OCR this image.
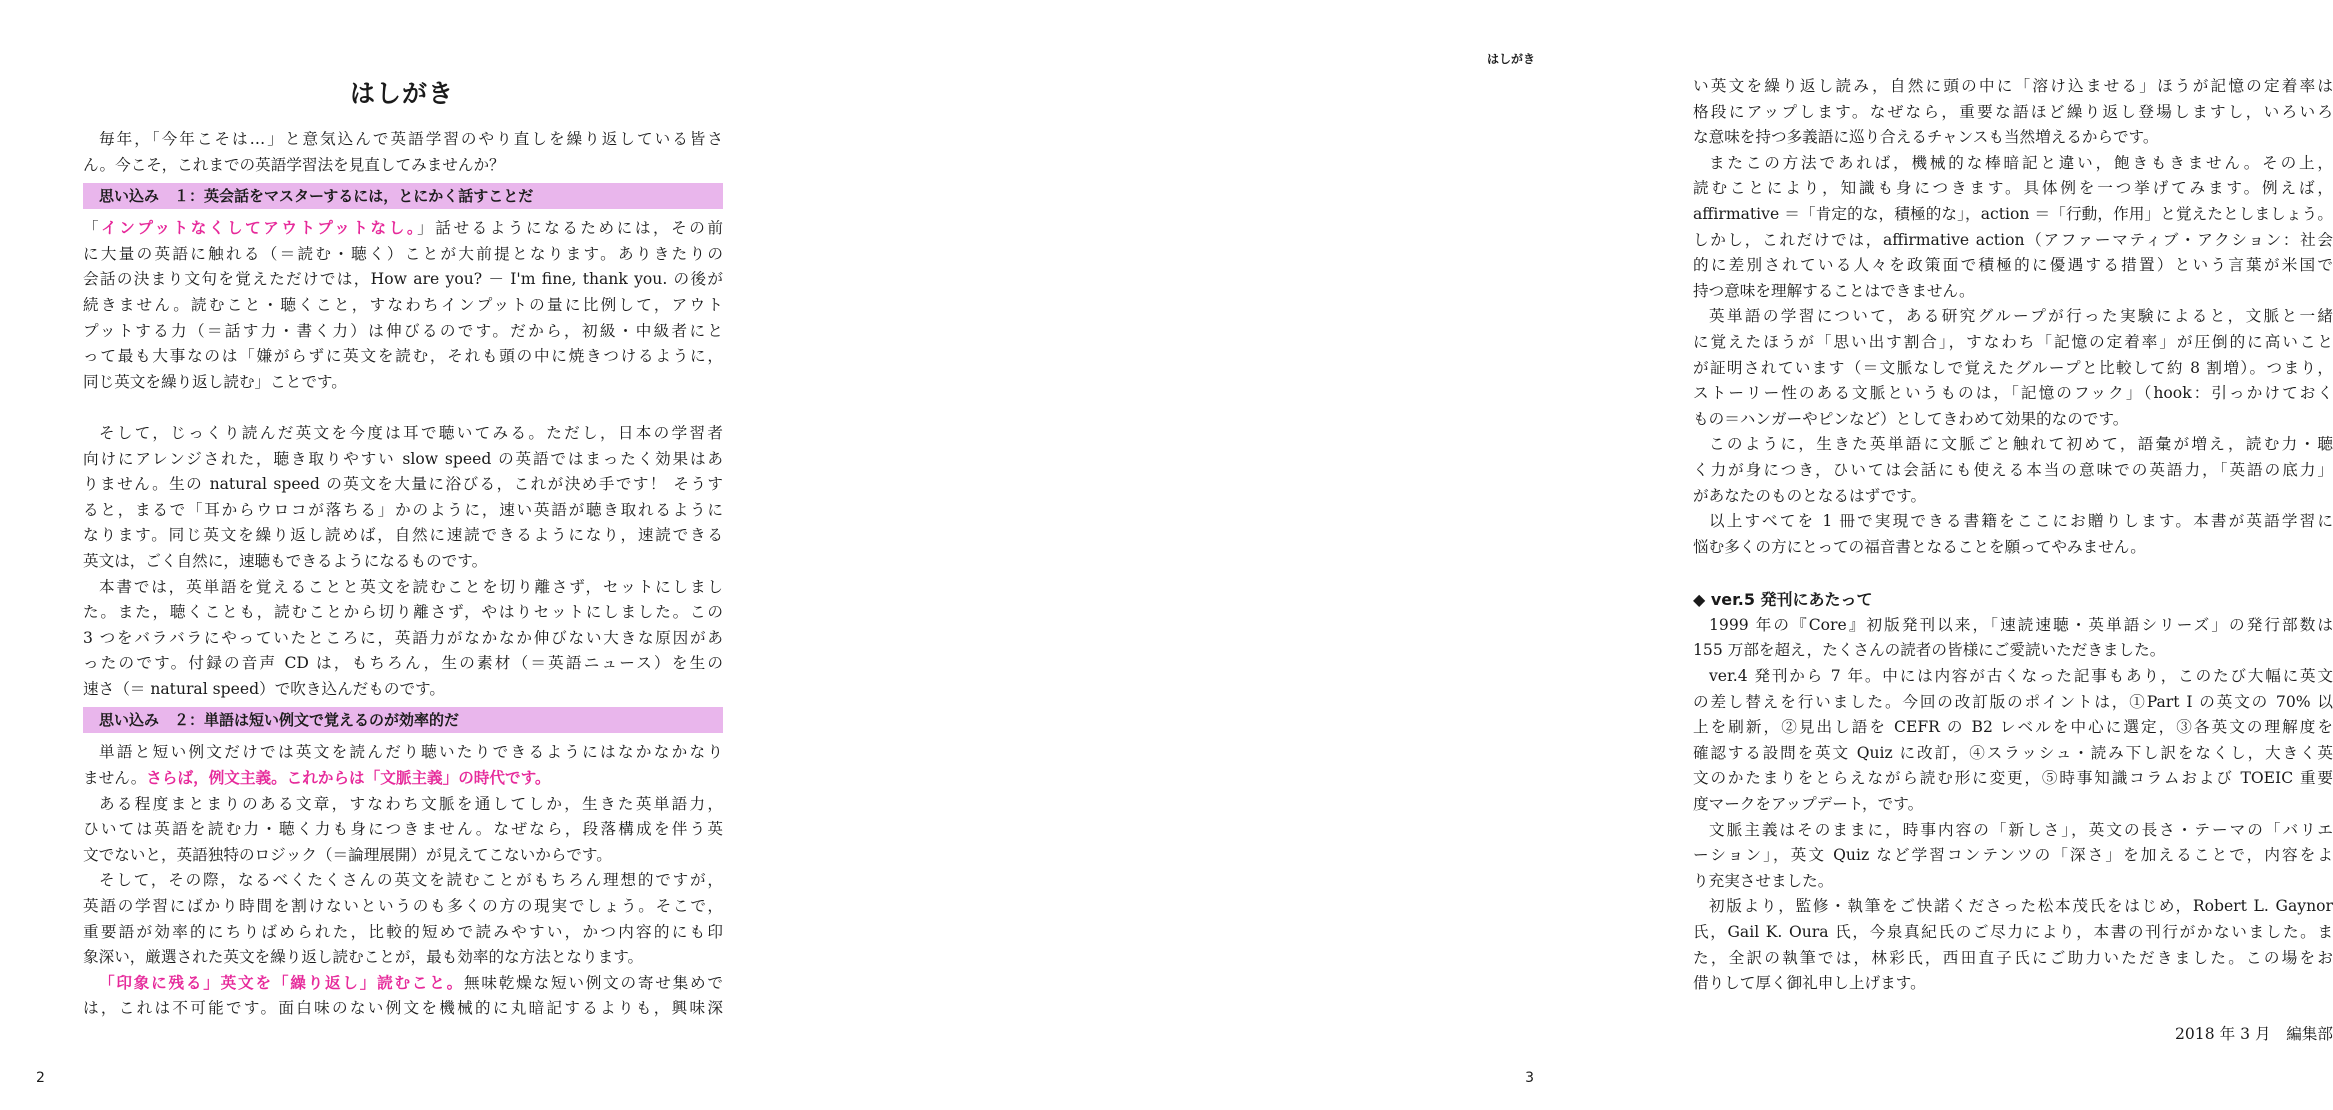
はしがき
毎年，「今年こそは…」と意気込んで英語学習のやり直しを繰り返している皆さ
ん。今こそ，これまでの英語学習法を見直してみませんか？
思い込み　１：英会話をマスターするには，とにかく話すことだ
「インプットなくしてアウトプットなし。」話せるようになるためには，その前
に大量の英語に触れる（＝読む・聴く）ことが大前提となります。ありきたりの
会話の決まり文句を覚えただけでは，How are you? － I'm fine, thank you. の後が
続きません。読むこと・聴くこと，すなわちインプットの量に比例して，アウト
プットする力（＝話す力・書く力）は伸びるのです。だから，初級・中級者にと
って最も大事なのは「嫌がらずに英文を読む，それも頭の中に焼きつけるように，
同じ英文を繰り返し読む」ことです。
そして，じっくり読んだ英文を今度は耳で聴いてみる。ただし，日本の学習者
向けにアレンジされた，聴き取りやすい slow speed の英語ではまったく効果はあ
りません。生の natural speed の英文を大量に浴びる，これが決め手です！ そうす
ると，まるで「耳からウロコが落ちる」かのように，速い英語が聴き取れるように
なります。同じ英文を繰り返し読めば，自然に速読できるようになり，速読できる
英文は，ごく自然に，速聴もできるようになるものです。
本書では，英単語を覚えることと英文を読むことを切り離さず，セットにしまし
た。また，聴くことも，読むことから切り離さず，やはりセットにしました。この
3 つをバラバラにやっていたところに，英語力がなかなか伸びない大きな原因があ
ったのです。付録の音声 CD は，もちろん，生の素材（＝英語ニュース）を生の
速さ（＝ natural speed）で吹き込んだものです。
思い込み　２：単語は短い例文で覚えるのが効率的だ
単語と短い例文だけでは英文を読んだり聴いたりできるようにはなかなかなり
ません。さらば，例文主義。これからは「文脈主義」の時代です。
ある程度まとまりのある文章，すなわち文脈を通してしか，生きた英単語力，
ひいては英語を読む力・聴く力も身につきません。なぜなら，段落構成を伴う英
文でないと，英語独特のロジック（＝論理展開）が見えてこないからです。
そして，その際，なるべくたくさんの英文を読むことがもちろん理想的ですが，
英語の学習にばかり時間を割けないというのも多くの方の現実でしょう。そこで，
重要語が効率的にちりばめられた，比較的短めで読みやすい，かつ内容的にも印
象深い，厳選された英文を繰り返し読むことが，最も効率的な方法となります。
「印象に残る」英文を「繰り返し」読むこと。無味乾燥な短い例文の寄せ集めで
は，これは不可能です。面白味のない例文を機械的に丸暗記するよりも，興味深
2
はしがき
い英文を繰り返し読み，自然に頭の中に「溶け込ませる」ほうが記憶の定着率は
格段にアップします。なぜなら，重要な語ほど繰り返し登場しますし，いろいろ
な意味を持つ多義語に巡り合えるチャンスも当然増えるからです。
またこの方法であれば，機械的な棒暗記と違い，飽きもきません。その上，
読むことにより，知識も身につきます。具体例を一つ挙げてみます。例えば，
affirmative ＝「肯定的な，積極的な」，action ＝「行動，作用」と覚えたとしましょう。
しかし，これだけでは，affirmative action（アファーマティブ・アクション：社会
的に差別されている人々を政策面で積極的に優遇する措置）という言葉が米国で
持つ意味を理解することはできません。
英単語の学習について，ある研究グループが行った実験によると，文脈と一緒
に覚えたほうが「思い出す割合」，すなわち「記憶の定着率」が圧倒的に高いこと
が証明されています（＝文脈なしで覚えたグループと比較して約 8 割増）。つまり，
ストーリー性のある文脈というものは，「記憶のフック」（hook：引っかけておく
もの＝ハンガーやピンなど）としてきわめて効果的なのです。
このように，生きた英単語に文脈ごと触れて初めて，語彙が増え，読む力・聴
く力が身につき，ひいては会話にも使える本当の意味での英語力，「英語の底力」
があなたのものとなるはずです。
以上すべてを 1 冊で実現できる書籍をここにお贈りします。本書が英語学習に
悩む多くの方にとっての福音書となることを願ってやみません。
◆ ver.5 発刊にあたって
1999 年の『Core』初版発刊以来，「速読速聴・英単語シリーズ」の発行部数は
155 万部を超え，たくさんの読者の皆様にご愛読いただきました。
ver.4 発刊から 7 年。中には内容が古くなった記事もあり，このたび大幅に英文
の差し替えを行いました。今回の改訂版のポイントは，①Part I の英文の 70% 以
上を刷新，②見出し語を CEFR の B2 レベルを中心に選定，③各英文の理解度を
確認する設問を英文 Quiz に改訂，④スラッシュ・読み下し訳をなくし，大きく英
文のかたまりをとらえながら読む形に変更，⑤時事知識コラムおよび TOEIC 重要
度マークをアップデート，です。
文脈主義はそのままに，時事内容の「新しさ」，英文の長さ・テーマの「バリエ
ーション」，英文 Quiz など学習コンテンツの「深さ」を加えることで，内容をよ
り充実させました。
初版より，監修・執筆をご快諾くださった松本茂氏をはじめ，Robert L. Gaynor
氏，Gail K. Oura 氏，今泉真紀氏のご尽力により，本書の刊行がかないました。ま
た，全訳の執筆では，林彩氏，西田直子氏にご助力いただきました。この場をお
借りして厚く御礼申し上げます。
2018 年 3 月　編集部
3
